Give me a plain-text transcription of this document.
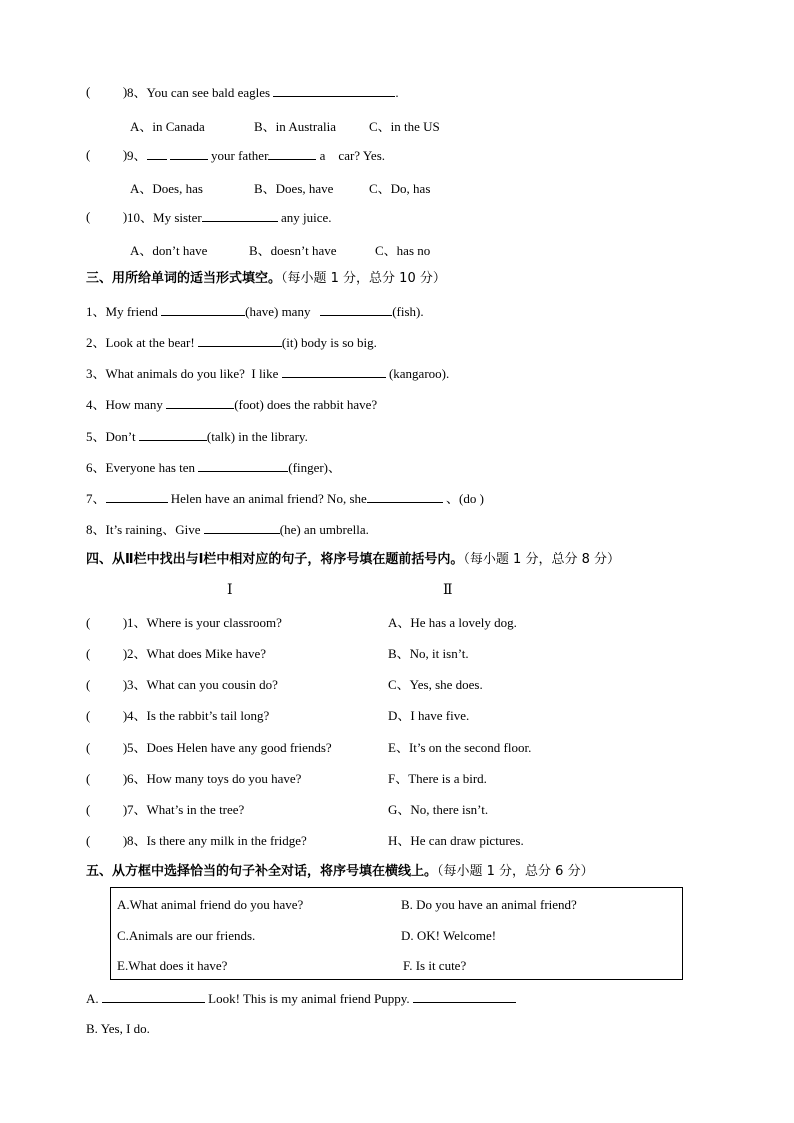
(          ) 8、You can see bald eagles	.
A、in Canada	B、in Australia	C、in the US
(          ) 9、	your father	a    car? Yes.
A、Does, has	B、Does, have	C、Do, has
(          ) 10、My sister	any juice.
A、don’t have	B、doesn’t have	C、has no
三、用所给单词的适当形式填空。（每小题 1 分，总分 10 分）
1、My friend	(have) many	(fish).
2、Look at the bear!	(it) body is so big.
3、What animals do you like?  I like	(kangaroo).
4、How many	(foot) does the rabbit have?
5、Don’t	(talk) in the library.
6、Everyone has ten	(finger)、
7、	Helen have an animal friend? No, she	、(do )
8、It’s raining、Give	(he) an umbrella.
四、从Ⅱ栏中找出与Ⅰ栏中相对应的句子，将序号填在题前括号内。（每小题 1 分，总分 8 分）
Ⅰ	Ⅱ
(          ) 1、Where is your classroom?	A、He has a lovely dog.
(          ) 2、What does Mike have?	B、No, it isn’t.
(          ) 3、What can you cousin do?	C、Yes, she does.
(          ) 4、Is the rabbit’s tail long?	D、I have five.
(          ) 5、Does Helen have any good friends?	E、It’s on the second floor.
(          ) 6、How many toys do you have?	F、There is a bird.
(          ) 7、What’s in the tree?	G、No, there isn’t.
(          ) 8、Is there any milk in the fridge?	H、He can draw pictures.
五、从方框中选择恰当的句子补全对话，将序号填在横线上。（每小题 1 分，总分 6 分）
A.What animal friend do you have?	B. Do you have an animal friend?
C.Animals are our friends.	D. OK! Welcome!
E.What does it have?	F. Is it cute?
A.	Look! This is my animal friend Puppy.
B. Yes, I do.
